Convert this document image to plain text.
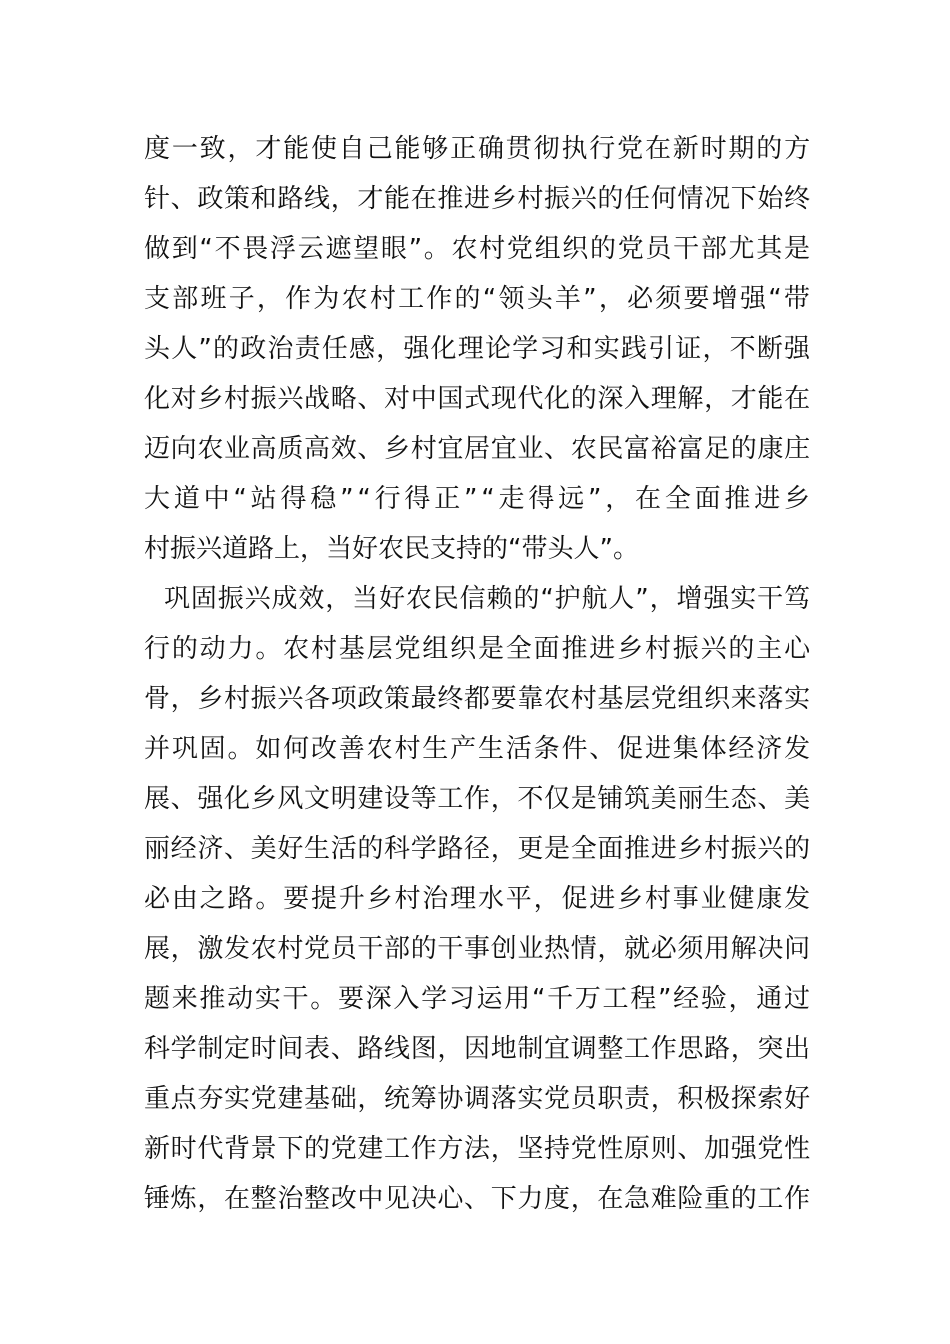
度一致，才能使自己能够正确贯彻执行党在新时期的方
针、政策和路线，才能在推进乡村振兴的任何情况下始终
做到“不畏浮云遮望眼”。农村党组织的党员干部尤其是
支部班子，作为农村工作的“领头羊”，必须要增强“带
头人”的政治责任感，强化理论学习和实践引证，不断强
化对乡村振兴战略、对中国式现代化的深入理解，才能在
迈向农业高质高效、乡村宜居宜业、农民富裕富足的康庄
大道中“站得稳”“行得正”“走得远”，在全面推进乡
村振兴道路上，当好农民支持的“带头人”。
巩固振兴成效，当好农民信赖的“护航人”，增强实干笃
行的动力。农村基层党组织是全面推进乡村振兴的主心
骨，乡村振兴各项政策最终都要靠农村基层党组织来落实
并巩固。如何改善农村生产生活条件、促进集体经济发
展、强化乡风文明建设等工作，不仅是铺筑美丽生态、美
丽经济、美好生活的科学路径，更是全面推进乡村振兴的
必由之路。要提升乡村治理水平，促进乡村事业健康发
展，激发农村党员干部的干事创业热情，就必须用解决问
题来推动实干。要深入学习运用“千万工程”经验，通过
科学制定时间表、路线图，因地制宜调整工作思路，突出
重点夯实党建基础，统筹协调落实党员职责，积极探索好
新时代背景下的党建工作方法，坚持党性原则、加强党性
锤炼，在整治整改中见决心、下力度，在急难险重的工作
